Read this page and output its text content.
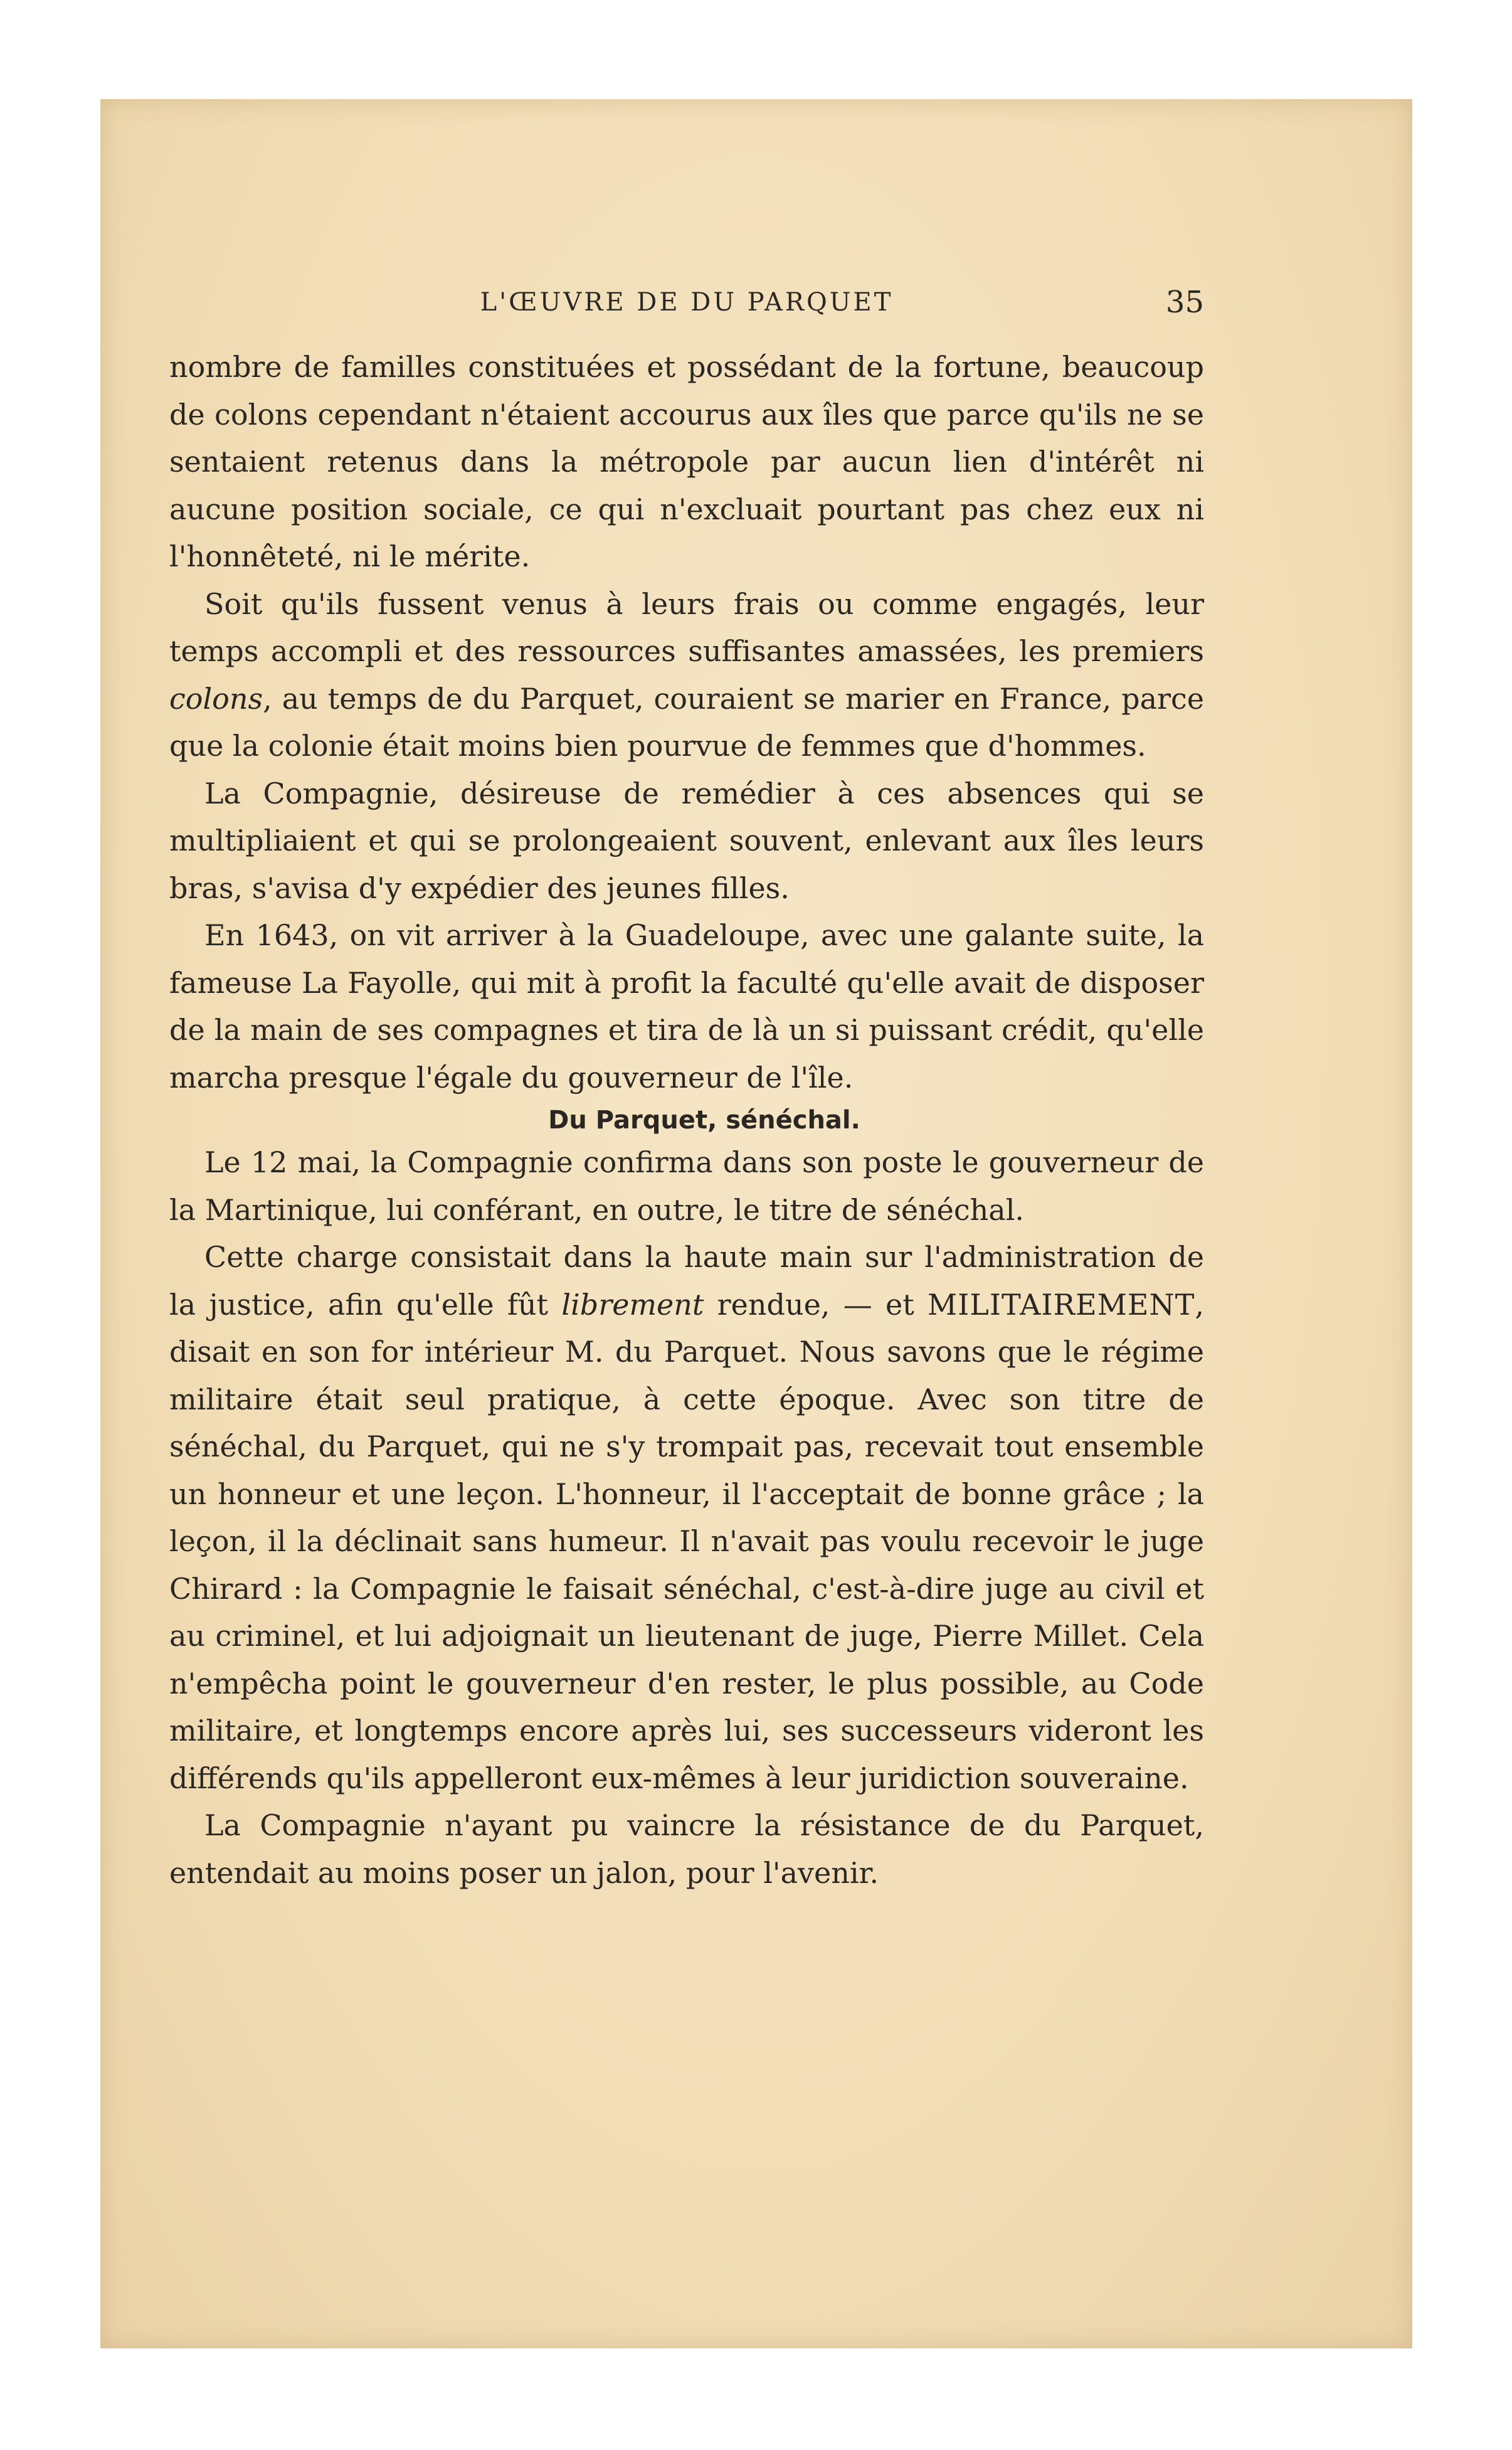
L'ŒUVRE DE DU PARQUET	35

nombre de familles constituées et possédant de la fortune, beaucoup de colons cependant n'étaient accourus aux îles que parce qu'ils ne se sentaient retenus dans la métropole par aucun lien d'intérêt ni aucune position sociale, ce qui n'excluait pourtant pas chez eux ni l'honnêteté, ni le mérite.

Soit qu'ils fussent venus à leurs frais ou comme engagés, leur temps accompli et des ressources suffisantes amassées, les premiers colons, au temps de du Parquet, couraient se marier en France, parce que la colonie était moins bien pourvue de femmes que d'hommes.

La Compagnie, désireuse de remédier à ces absences qui se multipliaient et qui se prolongeaient souvent, enlevant aux îles leurs bras, s'avisa d'y expédier des jeunes filles.

En 1643, on vit arriver à la Guadeloupe, avec une galante suite, la fameuse La Fayolle, qui mit à profit la faculté qu'elle avait de disposer de la main de ses compagnes et tira de là un si puissant crédit, qu'elle marcha presque l'égale du gouverneur de l'île.

Du Parquet, sénéchal.

Le 12 mai, la Compagnie confirma dans son poste le gouverneur de la Martinique, lui conférant, en outre, le titre de sénéchal.

Cette charge consistait dans la haute main sur l'administration de la justice, afin qu'elle fût librement rendue, — et MILITAIREMENT, disait en son for intérieur M. du Parquet. Nous savons que le régime militaire était seul pratique, à cette époque. Avec son titre de sénéchal, du Parquet, qui ne s'y trompait pas, recevait tout ensemble un honneur et une leçon. L'honneur, il l'acceptait de bonne grâce ; la leçon, il la déclinait sans humeur. Il n'avait pas voulu recevoir le juge Chirard : la Compagnie le faisait sénéchal, c'est-à-dire juge au civil et au criminel, et lui adjoignait un lieutenant de juge, Pierre Millet. Cela n'empêcha point le gouverneur d'en rester, le plus possible, au Code militaire, et longtemps encore après lui, ses successeurs videront les différends qu'ils appelleront eux-mêmes à leur juridiction souveraine.

La Compagnie n'ayant pu vaincre la résistance de du Parquet, entendait au moins poser un jalon, pour l'avenir.
